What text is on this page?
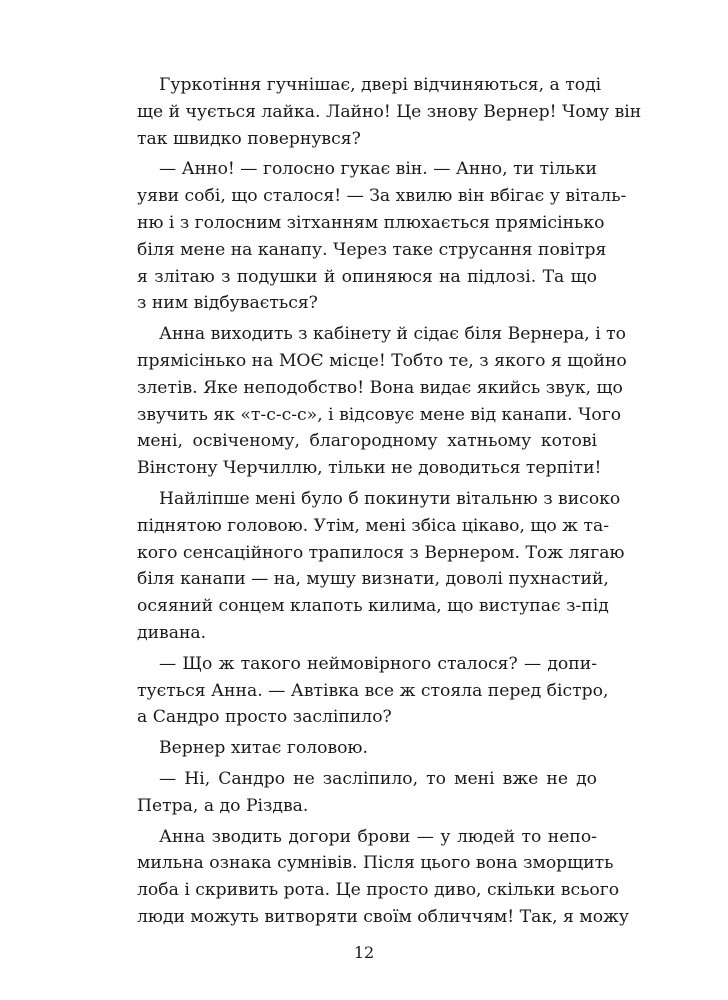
Гуркотіння гучнішає, двері відчиняються, а тоді
ще й чується лайка. Лайно! Це знову Вернер! Чому він
так швидко повернувся?
— Анно! — голосно гукає він. — Анно, ти тільки
уяви собі, що сталося! — За хвилю він вбігає у віталь-
ню і з голосним зітханням плюхається прямісінько
біля мене на канапу. Через таке струсання повітря
я злітаю з подушки й опиняюся на підлозі. Та що
з ним відбувається?
Анна виходить з кабінету й сідає біля Вернера, і то
прямісінько на МОЄ місце! Тобто те, з якого я щойно
злетів. Яке неподобство! Вона видає якийсь звук, що
звучить як «т-с-с-с», і відсовує мене від канапи. Чого
мені, освіченому, благородному хатньому котові
Вінстону Черчиллю, тільки не доводиться терпіти!
Найліпше мені було б покинути вітальню з високо
піднятою головою. Утім, мені збіса цікаво, що ж та-
кого сенсаційного трапилося з Вернером. Тож лягаю
біля канапи — на, мушу визнати, доволі пухнастий,
осяяний сонцем клапоть килима, що виступає з-під
дивана.
— Що ж такого неймовірного сталося? — допи-
тується Анна. — Автівка все ж стояла перед бістро,
а Сандро просто засліпило?
Вернер хитає головою.
— Ні, Сандро не засліпило, то мені вже не до
Петра, а до Різдва.
Анна зводить догори брови — у людей то непо-
мильна ознака сумнівів. Після цього вона зморщить
лоба і скривить рота. Це просто диво, скільки всього
люди можуть витворяти своїм обличчям! Так, я можу
12
